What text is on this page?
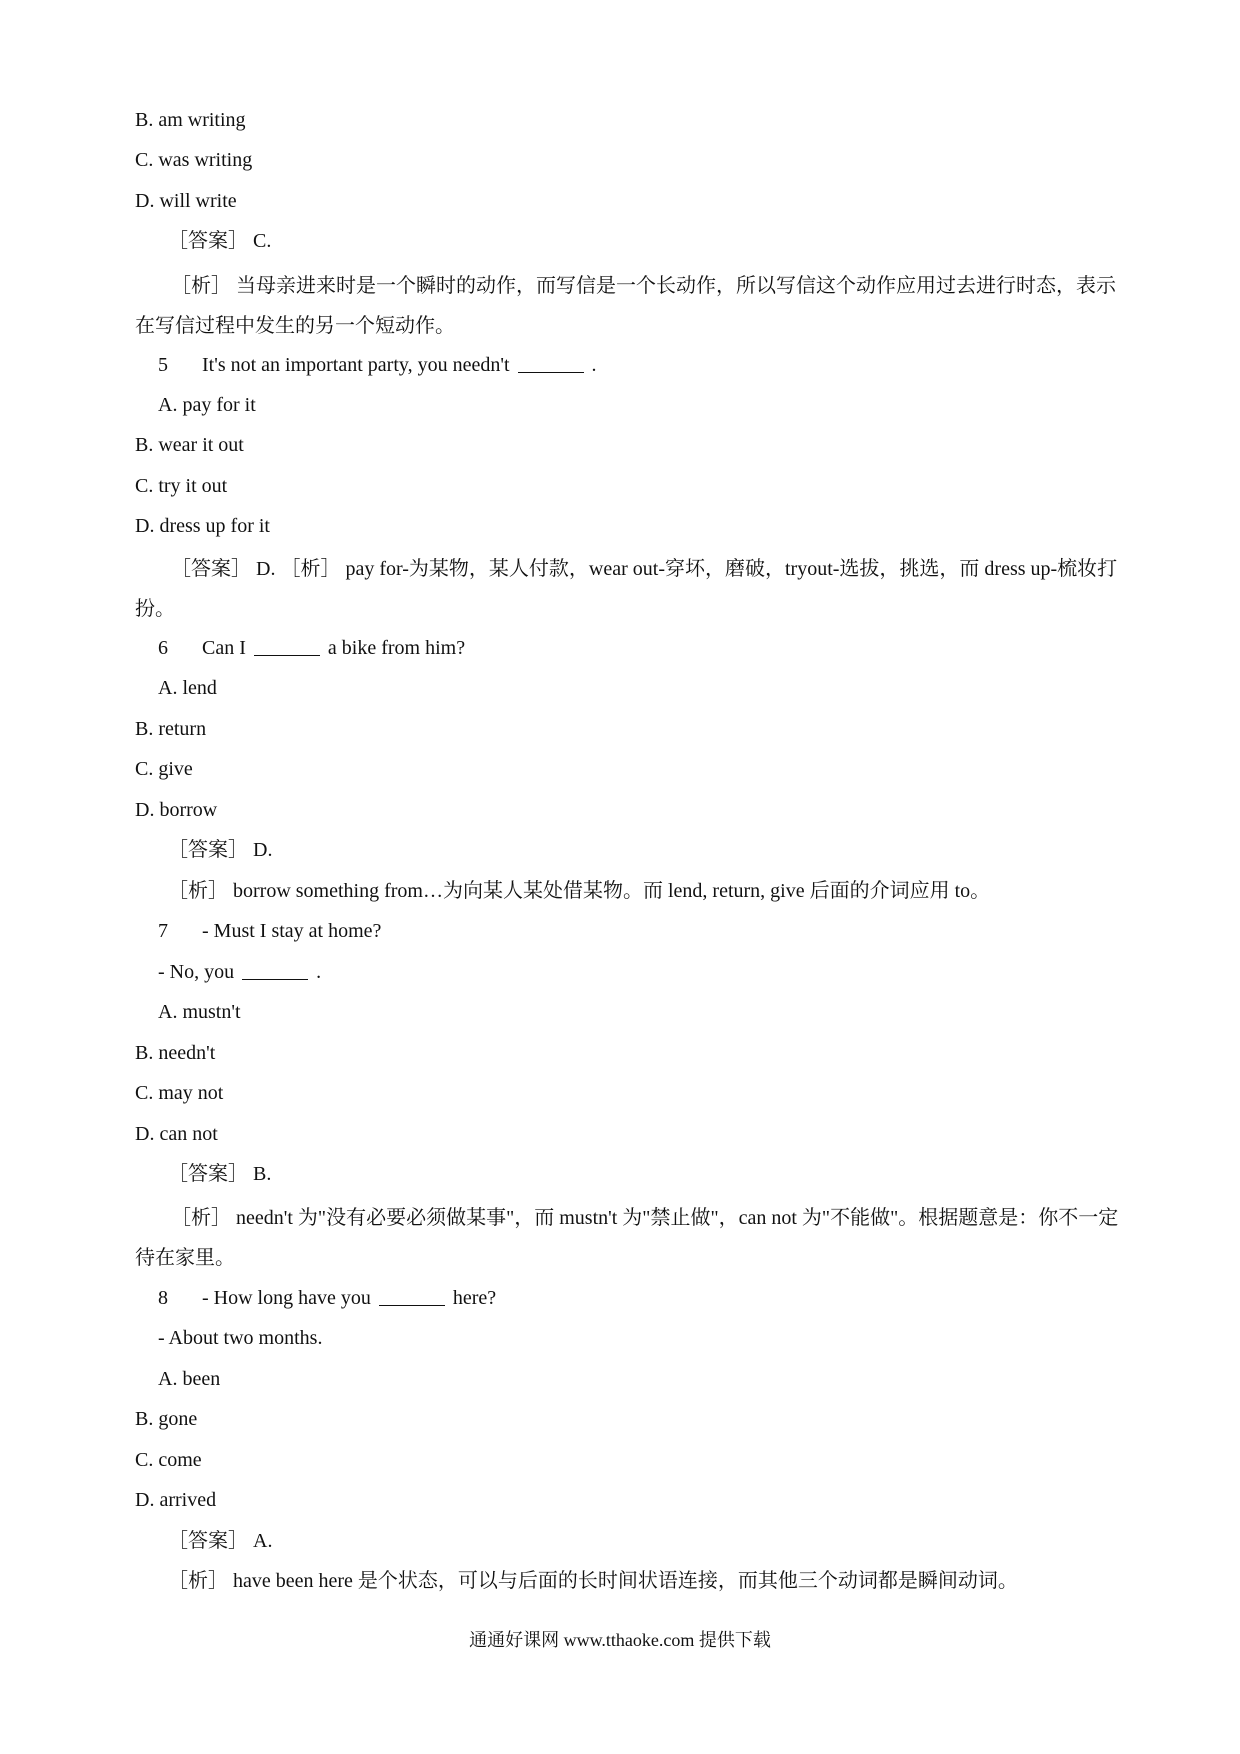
B. am writing
C. was writing
D. will write
［答案］ C.
［析］ 当母亲进来时是一个瞬时的动作，而写信是一个长动作，所以写信这个动作应用过去进行时态，表示在写信过程中发生的另一个短动作。
5 It's not an important party, you needn't	.
A. pay for it
B. wear it out
C. try it out
D. dress up for it
［答案］ D. ［析］ pay for-为某物，某人付款，wear out-穿坏，磨破，tryout-选拔，挑选，而 dress up-梳妆打扮。
6 Can I	a bike from him?
A. lend
B. return
C. give
D. borrow
［答案］ D.
［析］ borrow something from…为向某人某处借某物。而 lend, return, give 后面的介词应用 to。
7 - Must I stay at home?
- No, you	.
A. mustn't
B. needn't
C. may not
D. can not
［答案］ B.
［析］ needn't 为"没有必要必须做某事"，而 mustn't 为"禁止做"，can not 为"不能做"。根据题意是：你不一定待在家里。
8 - How long have you	here?
- About two months.
A. been
B. gone
C. come
D. arrived
［答案］ A.
［析］ have been here 是个状态，可以与后面的长时间状语连接，而其他三个动词都是瞬间动词。
通通好课网 www.tthaoke.com 提供下载
